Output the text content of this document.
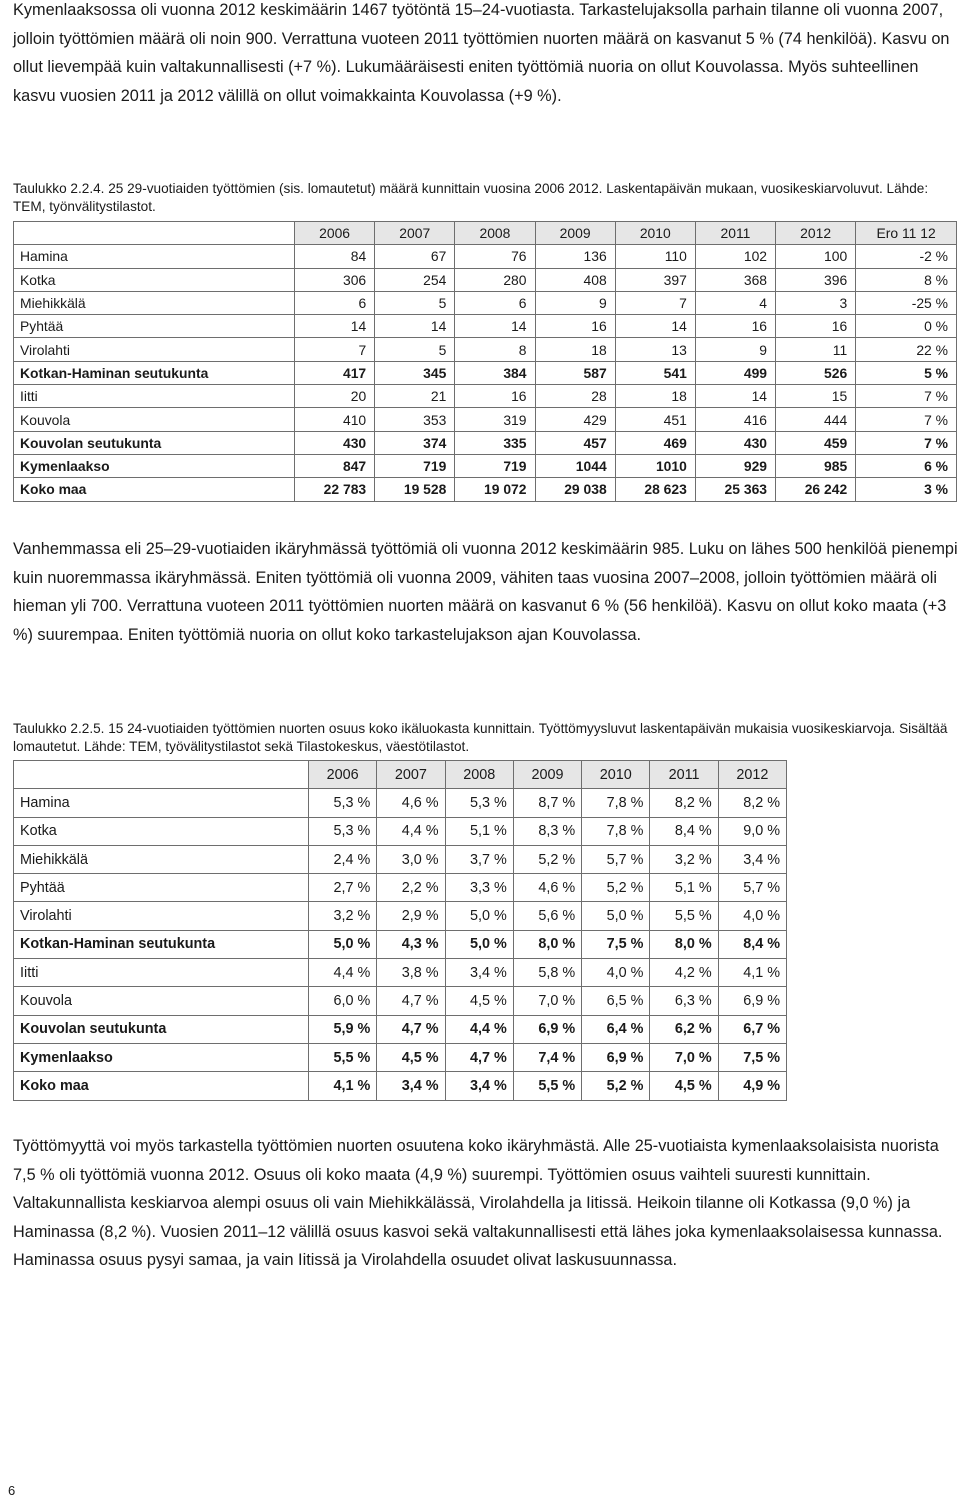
Kymenlaaksossa oli vuonna 2012 keskimäärin 1467 työtöntä 15–24-vuotiasta. Tarkastelujaksolla parhain tilanne oli vuonna 2007, jolloin työttömien määrä oli noin 900. Verrattuna vuoteen 2011 työttömien nuorten määrä on kasvanut 5 % (74 henkilöä). Kasvu on ollut lievempää kuin valtakunnallisesti (+7 %). Lukumääräisesti eniten työttömiä nuoria on ollut Kouvolassa. Myös suhteellinen kasvu vuosien 2011 ja 2012 välillä on ollut voimakkainta Kouvolassa (+9 %).

Taulukko 2.2.4. 25 29-vuotiaiden työttömien (sis. lomautetut) määrä kunnittain vuosina 2006 2012. Laskentapäivän mukaan, vuosikeskiarvoluvut. Lähde: TEM, työnvälitystilastot.

	2006	2007	2008	2009	2010	2011	2012	Ero 11 12
Hamina	84	67	76	136	110	102	100	-2 %
Kotka	306	254	280	408	397	368	396	8 %
Miehikkälä	6	5	6	9	7	4	3	-25 %
Pyhtää	14	14	14	16	14	16	16	0 %
Virolahti	7	5	8	18	13	9	11	22 %
Kotkan-Haminan seutukunta	417	345	384	587	541	499	526	5 %
Iitti	20	21	16	28	18	14	15	7 %
Kouvola	410	353	319	429	451	416	444	7 %
Kouvolan seutukunta	430	374	335	457	469	430	459	7 %
Kymenlaakso	847	719	719	1044	1010	929	985	6 %
Koko maa	22 783	19 528	19 072	29 038	28 623	25 363	26 242	3 %

Vanhemmassa eli 25–29-vuotiaiden ikäryhmässä työttömiä oli vuonna 2012 keskimäärin 985. Luku on lähes 500 henkilöä pienempi kuin nuoremmassa ikäryhmässä. Eniten työttömiä oli vuonna 2009, vähiten taas vuosina 2007–2008, jolloin työttömien määrä oli hieman yli 700. Verrattuna vuoteen 2011 työttömien nuorten määrä on kasvanut 6 % (56 henkilöä). Kasvu on ollut koko maata (+3 %) suurempaa. Eniten työttömiä nuoria on ollut koko tarkastelujakson ajan Kouvolassa.

Taulukko 2.2.5. 15 24-vuotiaiden työttömien nuorten osuus koko ikäluokasta kunnittain. Työttömyysluvut laskentapäivän mukaisia vuosikeskiarvoja. Sisältää lomautetut. Lähde: TEM, työvälitystilastot sekä Tilastokeskus, väestötilastot.

	2006	2007	2008	2009	2010	2011	2012
Hamina	5,3 %	4,6 %	5,3 %	8,7 %	7,8 %	8,2 %	8,2 %
Kotka	5,3 %	4,4 %	5,1 %	8,3 %	7,8 %	8,4 %	9,0 %
Miehikkälä	2,4 %	3,0 %	3,7 %	5,2 %	5,7 %	3,2 %	3,4 %
Pyhtää	2,7 %	2,2 %	3,3 %	4,6 %	5,2 %	5,1 %	5,7 %
Virolahti	3,2 %	2,9 %	5,0 %	5,6 %	5,0 %	5,5 %	4,0 %
Kotkan-Haminan seutukunta	5,0 %	4,3 %	5,0 %	8,0 %	7,5 %	8,0 %	8,4 %
Iitti	4,4 %	3,8 %	3,4 %	5,8 %	4,0 %	4,2 %	4,1 %
Kouvola	6,0 %	4,7 %	4,5 %	7,0 %	6,5 %	6,3 %	6,9 %
Kouvolan seutukunta	5,9 %	4,7 %	4,4 %	6,9 %	6,4 %	6,2 %	6,7 %
Kymenlaakso	5,5 %	4,5 %	4,7 %	7,4 %	6,9 %	7,0 %	7,5 %
Koko maa	4,1 %	3,4 %	3,4 %	5,5 %	5,2 %	4,5 %	4,9 %

Työttömyyttä voi myös tarkastella työttömien nuorten osuutena koko ikäryhmästä. Alle 25-vuotiaista kymenlaaksolaisista nuorista 7,5 % oli työttömiä vuonna 2012. Osuus oli koko maata (4,9 %) suurempi. Työttömien osuus vaihteli suuresti kunnittain. Valtakunnallista keskiarvoa alempi osuus oli vain Miehikkälässä, Virolahdella ja Iitissä. Heikoin tilanne oli Kotkassa (9,0 %) ja Haminassa (8,2 %). Vuosien 2011–12 välillä osuus kasvoi sekä valtakunnallisesti että lähes joka kymenlaaksolaisessa kunnassa. Haminassa osuus pysyi samaa, ja vain Iitissä ja Virolahdella osuudet olivat laskusuunnassa.

6
